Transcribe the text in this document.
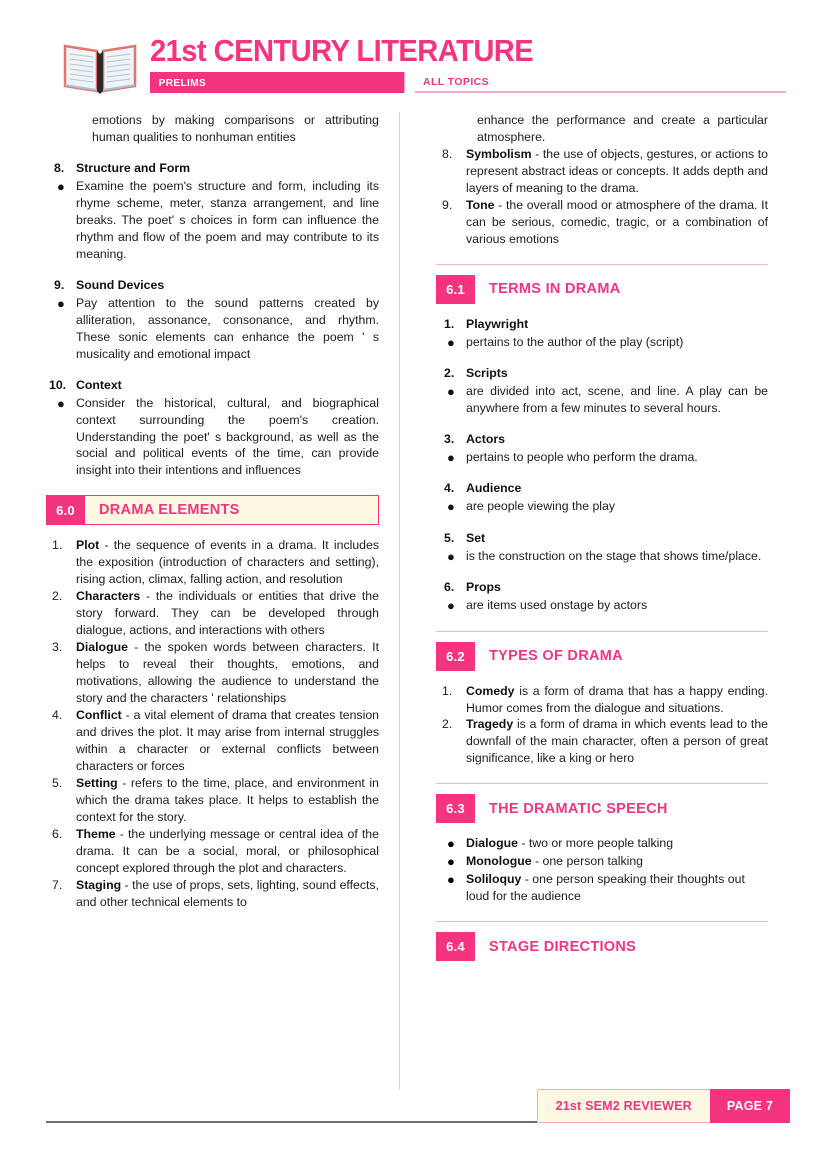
21st CENTURY LITERATURE
PRELIMS	ALL TOPICS
emotions by making comparisons or attributing human qualities to nonhuman entities
8. Structure and Form
● Examine the poem's structure and form, including its rhyme scheme, meter, stanza arrangement, and line breaks. The poet' s choices in form can influence the rhythm and flow of the poem and may contribute to its meaning.
9. Sound Devices
● Pay attention to the sound patterns created by alliteration, assonance, consonance, and rhythm. These sonic elements can enhance the poem ' s musicality and emotional impact
10. Context
● Consider the historical, cultural, and biographical context surrounding the poem's creation. Understanding the poet' s background, as well as the social and political events of the time, can provide insight into their intentions and influences
6.0	DRAMA ELEMENTS
1.	Plot - the sequence of events in a drama. It includes the exposition (introduction of characters and setting), rising action, climax, falling action, and resolution
2.	Characters - the individuals or entities that drive the story forward. They can be developed through dialogue, actions, and interactions with others
3.	Dialogue - the spoken words between characters. It helps to reveal their thoughts, emotions, and motivations, allowing the audience to understand the story and the characters ' relationships
4.	Conflict - a vital element of drama that creates tension and drives the plot. It may arise from internal struggles within a character or external conflicts between characters or forces
5.	Setting - refers to the time, place, and environment in which the drama takes place. It helps to establish the context for the story.
6.	Theme - the underlying message or central idea of the drama. It can be a social, moral, or philosophical concept explored through the plot and characters.
7.	Staging - the use of props, sets, lighting, sound effects, and other technical elements to
enhance the performance and create a particular atmosphere.
8.	Symbolism - the use of objects, gestures, or actions to represent abstract ideas or concepts. It adds depth and layers of meaning to the drama.
9.	Tone - the overall mood or atmosphere of the drama. It can be serious, comedic, tragic, or a combination of various emotions
6.1	TERMS IN DRAMA
1. Playwright
● pertains to the author of the play (script)
2. Scripts
● are divided into act, scene, and line. A play can be anywhere from a few minutes to several hours.
3. Actors
● pertains to people who perform the drama.
4. Audience
● are people viewing the play
5. Set
● is the construction on the stage that shows time/place.
6. Props
● are items used onstage by actors
6.2	TYPES OF DRAMA
1.	Comedy is a form of drama that has a happy ending. Humor comes from the dialogue and situations.
2.	Tragedy is a form of drama in which events lead to the downfall of the main character, often a person of great significance, like a king or hero
6.3	THE DRAMATIC SPEECH
● Dialogue - two or more people talking
● Monologue - one person talking
● Soliloquy - one person speaking their thoughts out loud for the audience
6.4	STAGE DIRECTIONS
21st SEM2 REVIEWER	PAGE 7
